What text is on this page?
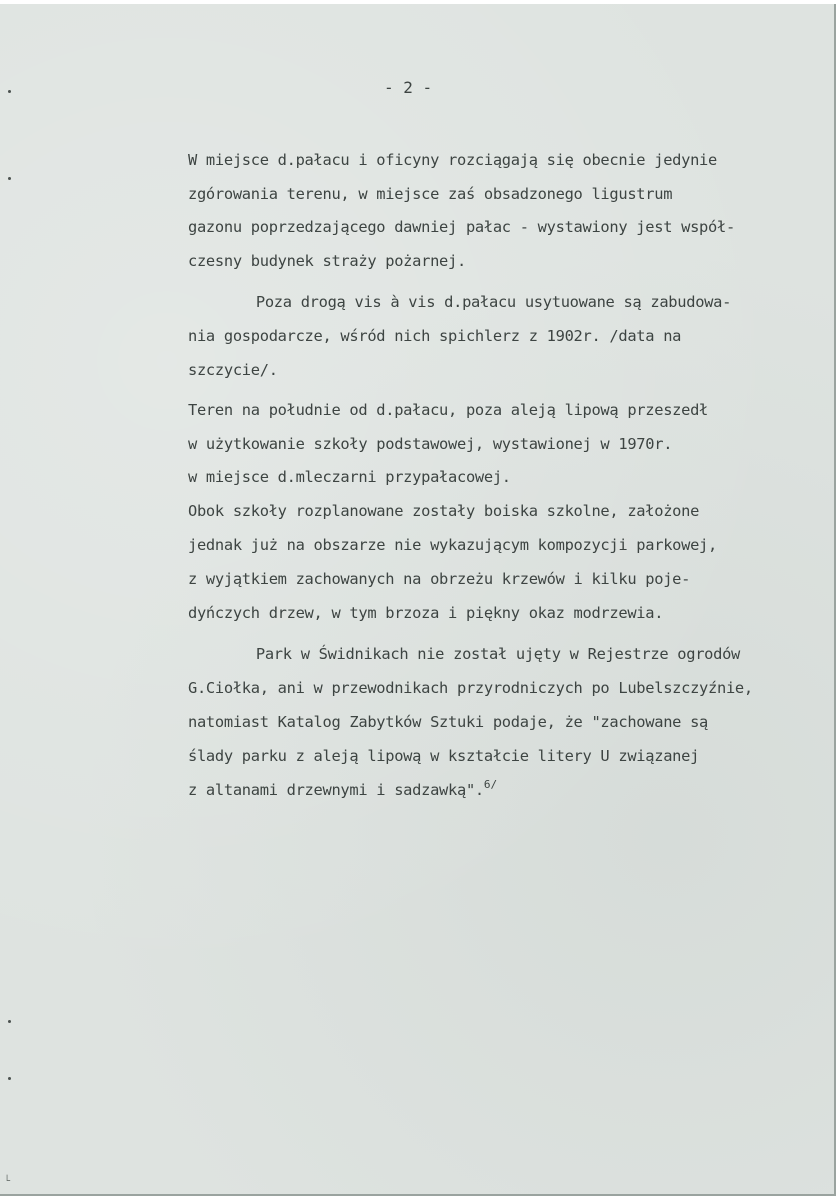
- 2 -
W miejsce d.pałacu i oficyny rozciągają się obecnie jedynie
zgórowania terenu, w miejsce zaś obsadzonego ligustrum
gazonu poprzedzającego dawniej pałac - wystawiony jest współ-
czesny budynek straży pożarnej.
Poza drogą vis à vis d.pałacu usytuowane są zabudowa-
nia gospodarcze, wśród nich spichlerz z 1902r. /data na
szczycie/.
Teren na południe od d.pałacu, poza aleją lipową przeszedł
w użytkowanie szkoły podstawowej, wystawionej w 1970r.
w miejsce d.mleczarni przypałacowej.
Obok szkoły rozplanowane zostały boiska szkolne, założone
jednak już na obszarze nie wykazującym kompozycji parkowej,
z wyjątkiem zachowanych na obrzeżu krzewów i kilku poje-
dyńczych drzew, w tym brzoza i piękny okaz modrzewia.
Park w Świdnikach nie został ujęty w Rejestrze ogrodów
G.Ciołka, ani w przewodnikach przyrodniczych po Lubelszczyźnie,
natomiast Katalog Zabytków Sztuki podaje, że "zachowane są
ślady parku z aleją lipową w kształcie litery U związanej
z altanami drzewnymi i sadzawką".$^{6/}$
└
